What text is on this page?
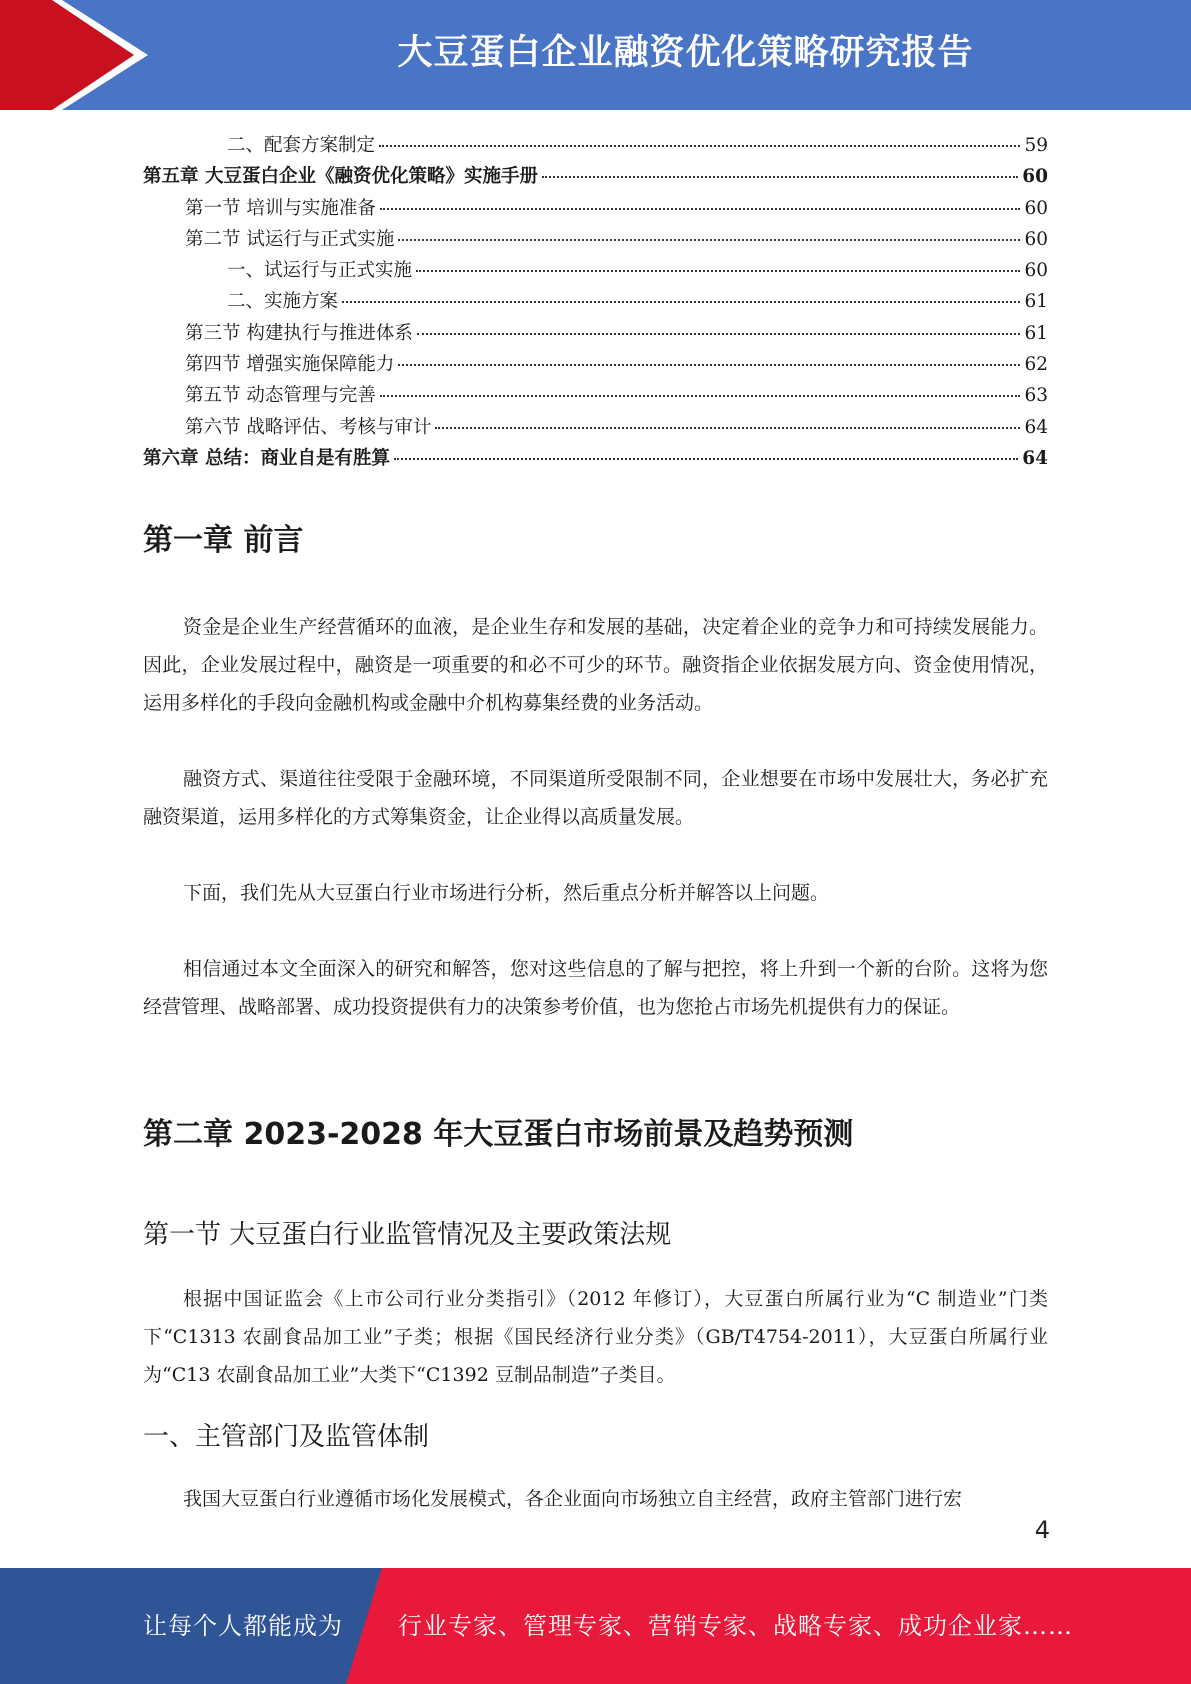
大豆蛋白企业融资优化策略研究报告
二、配套方案制定	59
第五章 大豆蛋白企业《融资优化策略》实施手册	60
第一节 培训与实施准备	60
第二节 试运行与正式实施	60
一、试运行与正式实施	60
二、实施方案	61
第三节 构建执行与推进体系	61
第四节 增强实施保障能力	62
第五节 动态管理与完善	63
第六节 战略评估、考核与审计	64
第六章 总结：商业自是有胜算	64
第一章 前言

资金是企业生产经营循环的血液，是企业生存和发展的基础，决定着企业的竞争力和可持续发展能力。因此，企业发展过程中，融资是一项重要的和必不可少的环节。融资指企业依据发展方向、资金使用情况，运用多样化的手段向金融机构或金融中介机构募集经费的业务活动。

融资方式、渠道往往受限于金融环境，不同渠道所受限制不同，企业想要在市场中发展壮大，务必扩充融资渠道，运用多样化的方式筹集资金，让企业得以高质量发展。

下面，我们先从大豆蛋白行业市场进行分析，然后重点分析并解答以上问题。

相信通过本文全面深入的研究和解答，您对这些信息的了解与把控，将上升到一个新的台阶。这将为您经营管理、战略部署、成功投资提供有力的决策参考价值，也为您抢占市场先机提供有力的保证。

第二章 2023-2028 年大豆蛋白市场前景及趋势预测
第一节 大豆蛋白行业监管情况及主要政策法规

根据中国证监会《上市公司行业分类指引》（2012 年修订），大豆蛋白所属行业为“C 制造业”门类下“C1313 农副食品加工业”子类；根据《国民经济行业分类》（GB/T4754-2011），大豆蛋白所属行业为“C13 农副食品加工业”大类下“C1392 豆制品制造”子类目。

一、主管部门及监管体制

我国大豆蛋白行业遵循市场化发展模式，各企业面向市场独立自主经营，政府主管部门进行宏

4
让每个人都能成为 行业专家、管理专家、营销专家、战略专家、成功企业家……
